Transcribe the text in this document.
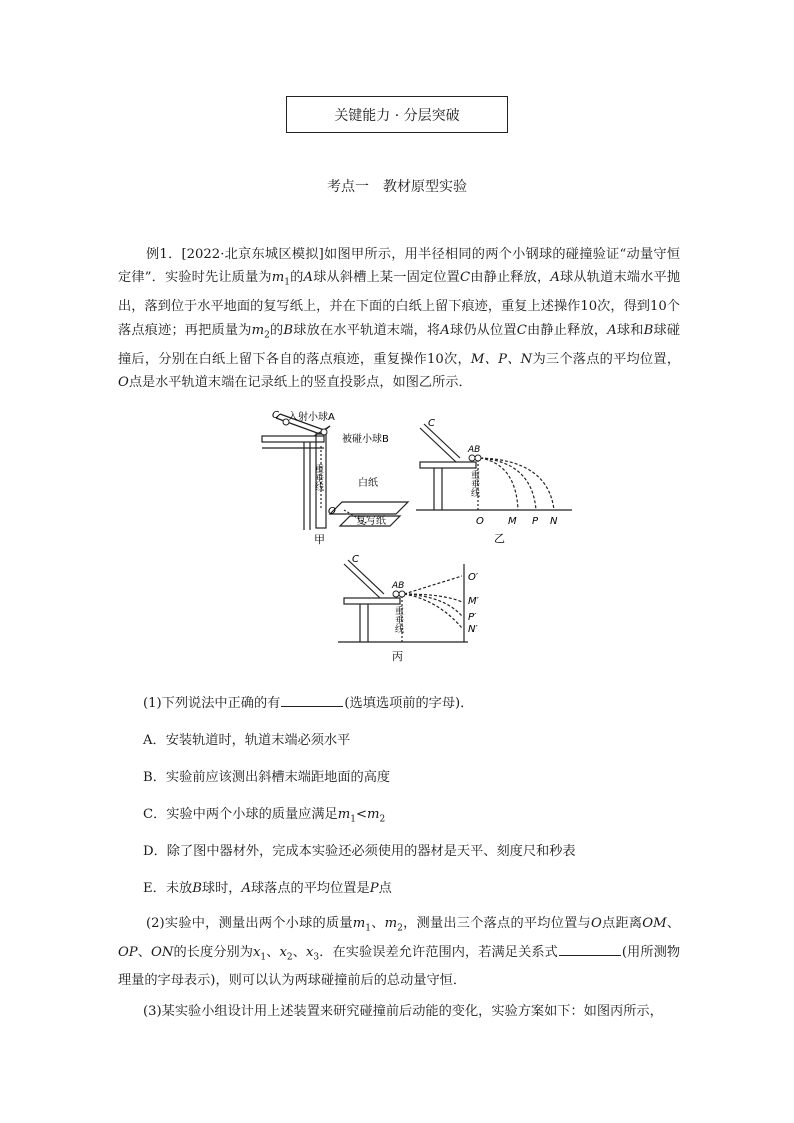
关键能力 · 分层突破
考点一　教材原型实验
例1．[2022·北京东城区模拟]如图甲所示，用半径相同的两个小钢球的碰撞验证“动量守恒定律”．实验时先让质量为$m_1$的A球从斜槽上某一固定位置C由静止释放，A球从轨道末端水平抛出，落到位于水平地面的复写纸上，并在下面的白纸上留下痕迹，重复上述操作10次，得到10个落点痕迹；再把质量为$m_2$的B球放在水平轨道末端，将A球仍从位置C由静止释放，A球和B球碰撞后，分别在白纸上留下各自的落点痕迹，重复操作10次，M、P、N为三个落点的平均位置，O点是水平轨道末端在记录纸上的竖直投影点，如图乙所示．
C 入射小球A
被碰小球B
重垂线	白纸
O
复写纸
甲
C
AB
重垂线
O M P N
乙
C
AB
重垂线
O′
M′
P′
N′
丙
(1)下列说法中正确的有	(选填选项前的字母)．
A．安装轨道时，轨道末端必须水平
B．实验前应该测出斜槽末端距地面的高度
C．实验中两个小球的质量应满足$m_1<m_2$
D．除了图中器材外，完成本实验还必须使用的器材是天平、刻度尺和秒表
E．未放B球时，A球落点的平均位置是P点
(2)实验中，测量出两个小球的质量$m_1$、$m_2$，测量出三个落点的平均位置与O点距离OM、OP、ON的长度分别为$x_1$、$x_2$、$x_3$．在实验误差允许范围内，若满足关系式	(用所测物理量的字母表示)，则可以认为两球碰撞前后的总动量守恒．
(3)某实验小组设计用上述装置来研究碰撞前后动能的变化，实验方案如下：如图丙所示，
